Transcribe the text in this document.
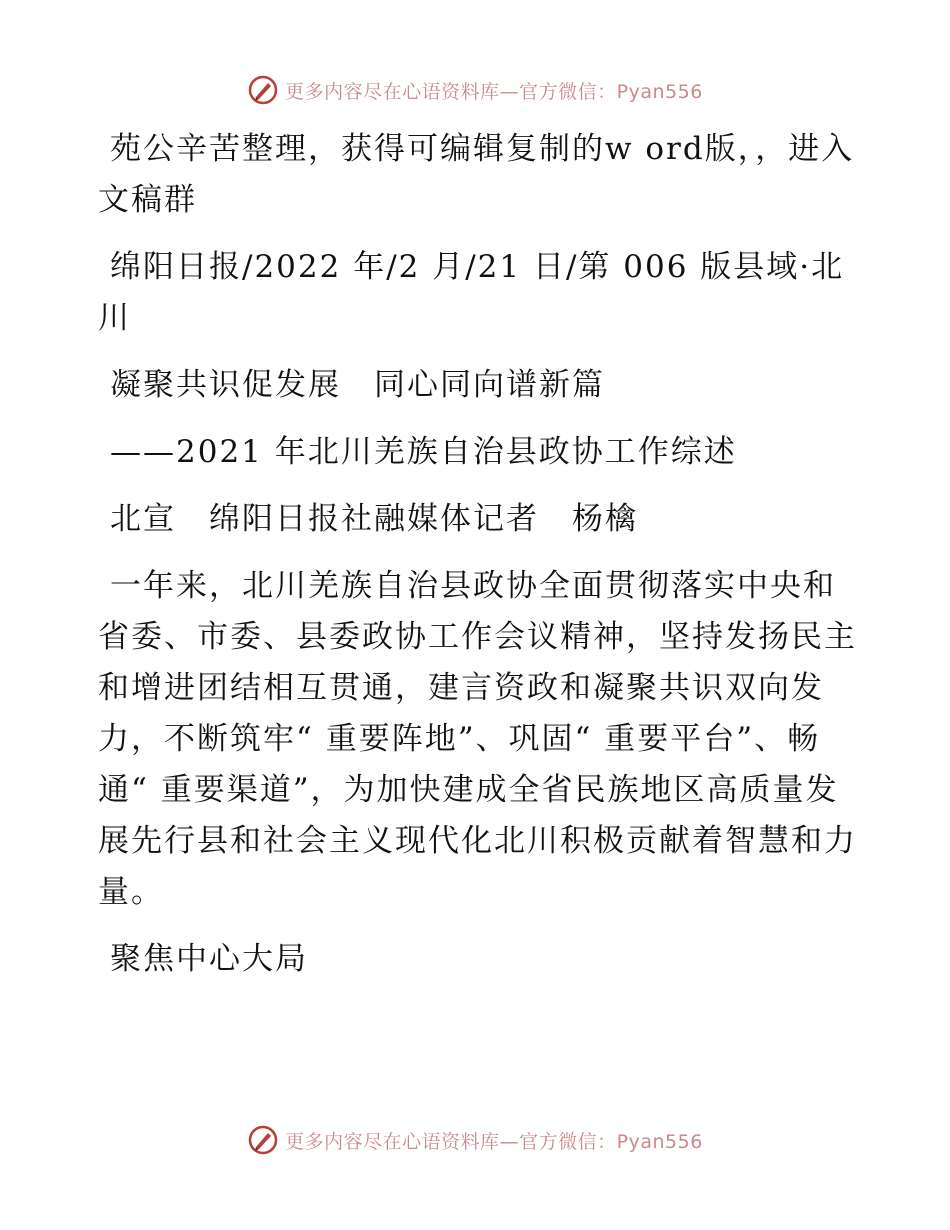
更多内容尽在心语资料库—官方微信：Pyan556

苑公辛苦整理，获得可编辑复制的w ord版，，进入文稿群

绵阳日报/2022 年/2 月/21 日/第 006 版县域·北川

凝聚共识促发展　同心同向谱新篇

——2021 年北川羌族自治县政协工作综述

北宣　绵阳日报社融媒体记者　杨檎

一年来，北川羌族自治县政协全面贯彻落实中央和省委、市委、县委政协工作会议精神，坚持发扬民主和增进团结相互贯通，建言资政和凝聚共识双向发力，不断筑牢“ 重要阵地”、巩固“ 重要平台”、畅通“ 重要渠道”，为加快建成全省民族地区高质量发展先行县和社会主义现代化北川积极贡献着智慧和力量。

聚焦中心大局

更多内容尽在心语资料库—官方微信：Pyan556
